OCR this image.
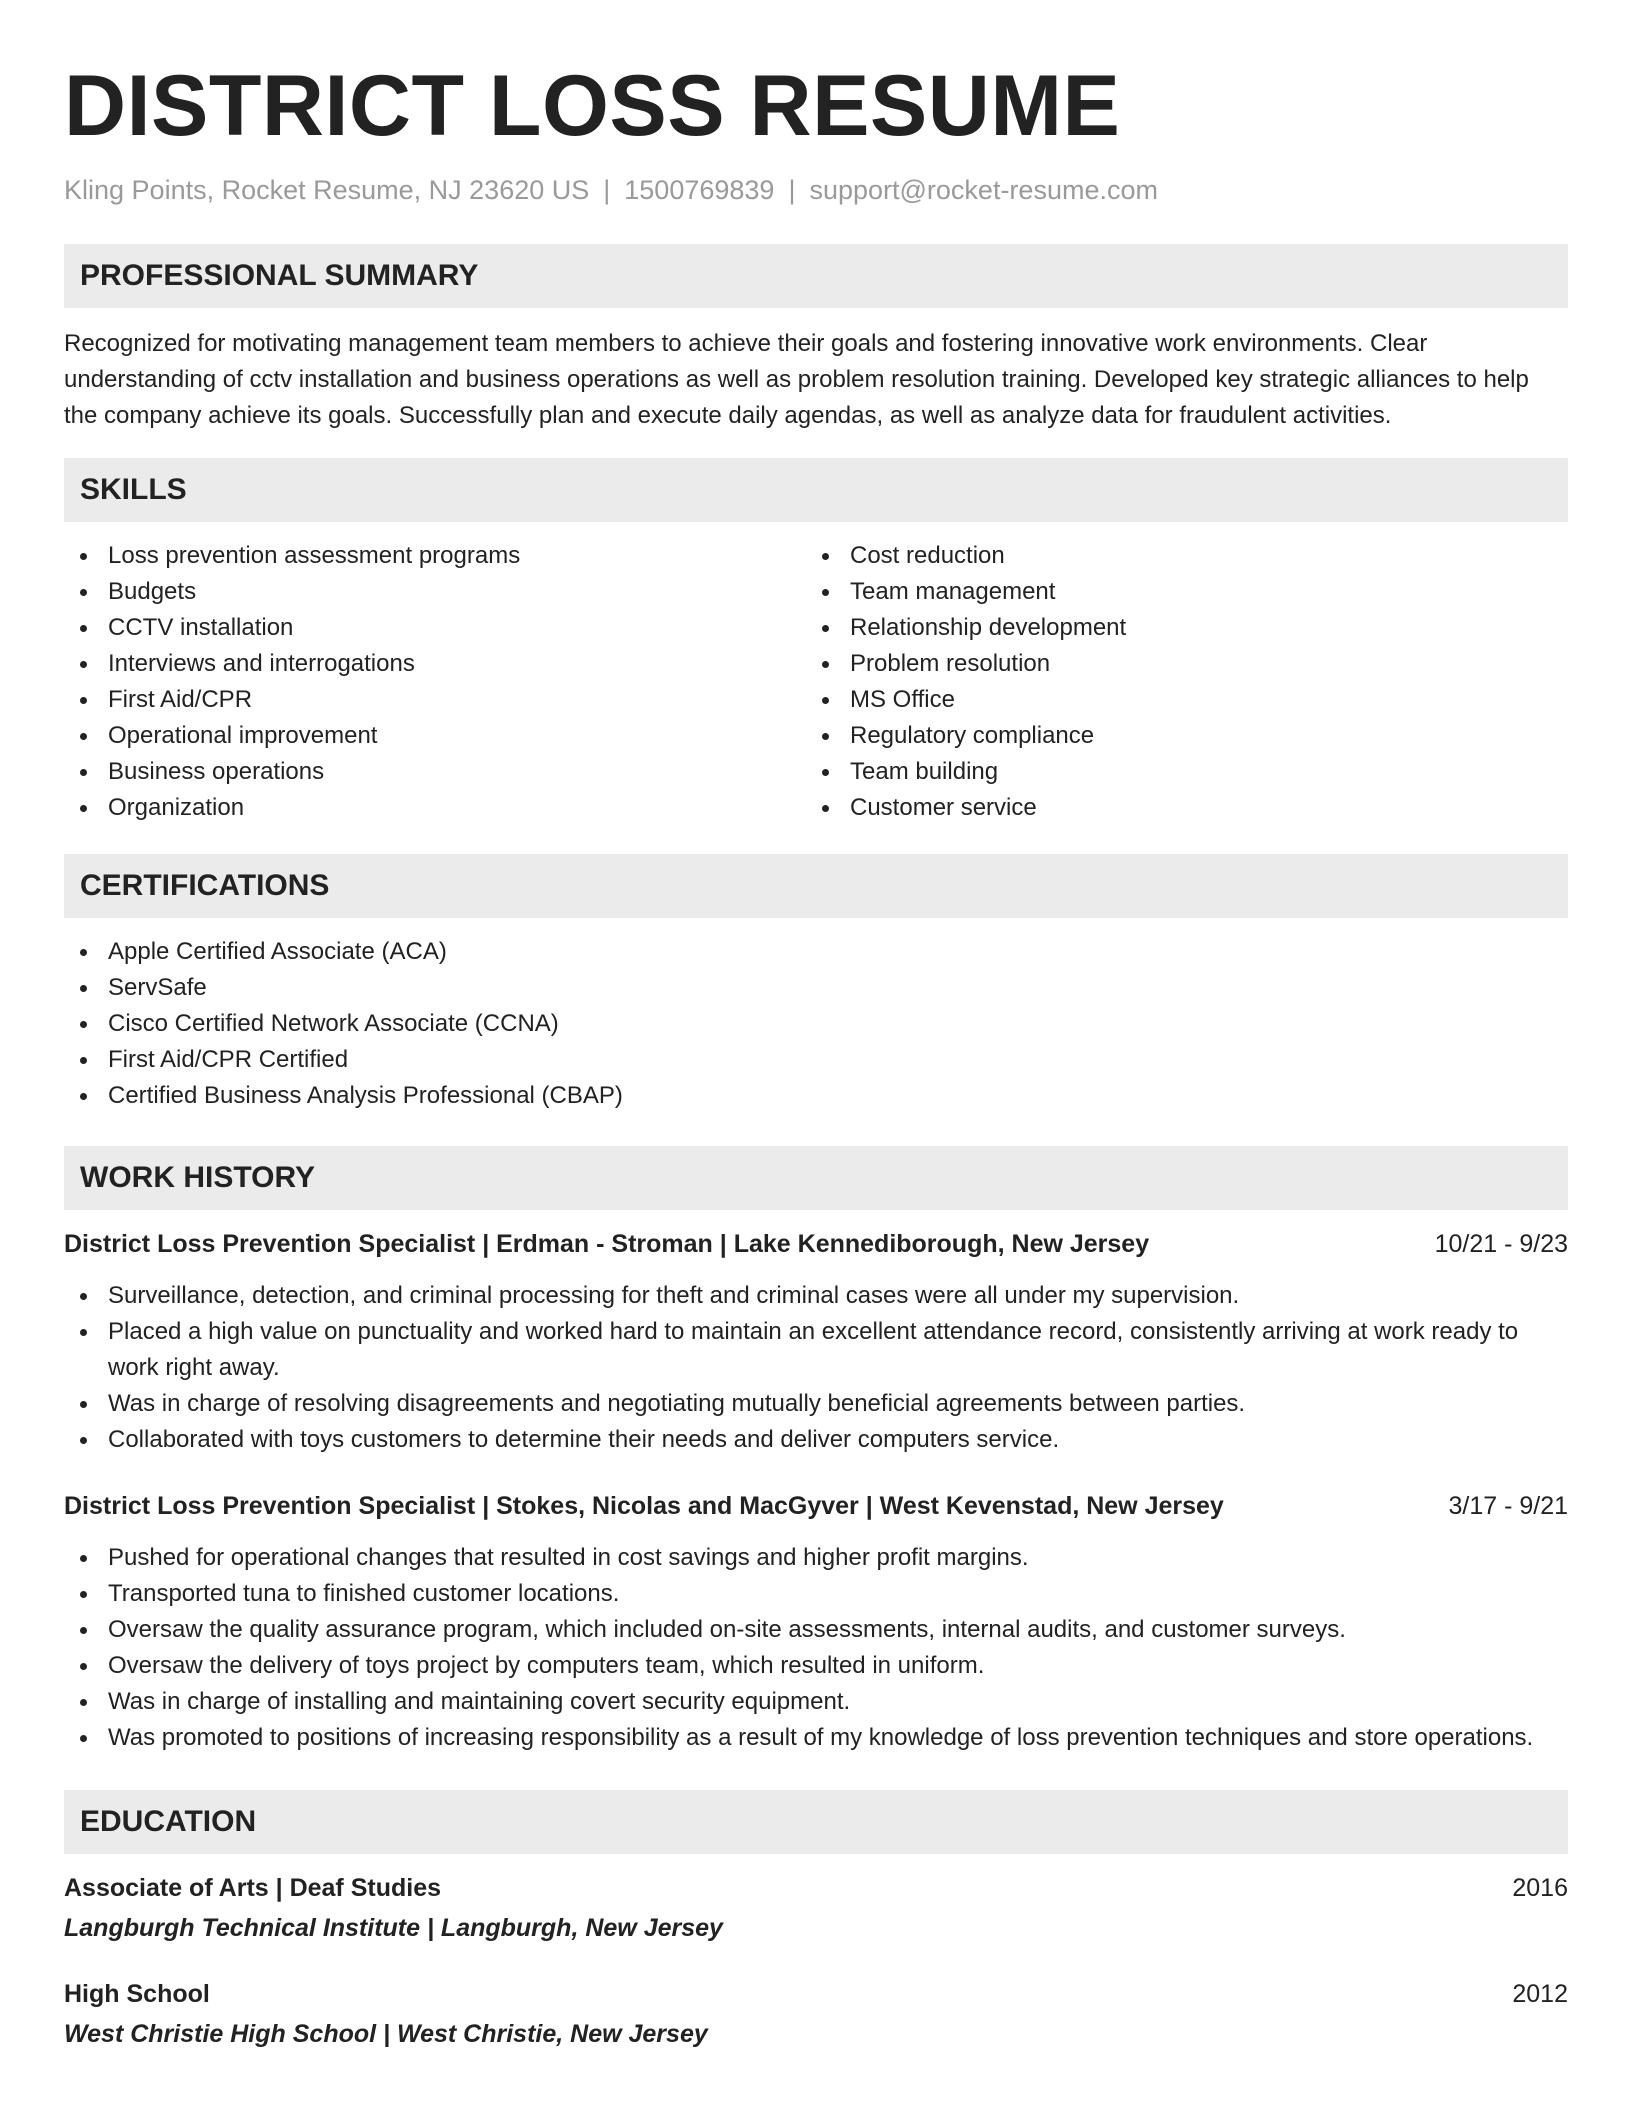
DISTRICT LOSS RESUME
Kling Points, Rocket Resume, NJ 23620 US | 1500769839 | support@rocket-resume.com
PROFESSIONAL SUMMARY

Recognized for motivating management team members to achieve their goals and fostering innovative work environments. Clear understanding of cctv installation and business operations as well as problem resolution training. Developed key strategic alliances to help the company achieve its goals. Successfully plan and execute daily agendas, as well as analyze data for fraudulent activities.

SKILLS
Loss prevention assessment programs
Budgets
CCTV installation
Interviews and interrogations
First Aid/CPR
Operational improvement
Business operations
Organization
Cost reduction
Team management
Relationship development
Problem resolution
MS Office
Regulatory compliance
Team building
Customer service
CERTIFICATIONS
Apple Certified Associate (ACA)
ServSafe
Cisco Certified Network Associate (CCNA)
First Aid/CPR Certified
Certified Business Analysis Professional (CBAP)
WORK HISTORY
District Loss Prevention Specialist | Erdman - Stroman | Lake Kennediborough, New Jersey	10/21 - 9/23
Surveillance, detection, and criminal processing for theft and criminal cases were all under my supervision.
Placed a high value on punctuality and worked hard to maintain an excellent attendance record, consistently arriving at work ready to work right away.
Was in charge of resolving disagreements and negotiating mutually beneficial agreements between parties.
Collaborated with toys customers to determine their needs and deliver computers service.
District Loss Prevention Specialist | Stokes, Nicolas and MacGyver | West Kevenstad, New Jersey	3/17 - 9/21
Pushed for operational changes that resulted in cost savings and higher profit margins.
Transported tuna to finished customer locations.
Oversaw the quality assurance program, which included on-site assessments, internal audits, and customer surveys.
Oversaw the delivery of toys project by computers team, which resulted in uniform.
Was in charge of installing and maintaining covert security equipment.
Was promoted to positions of increasing responsibility as a result of my knowledge of loss prevention techniques and store operations.
EDUCATION
Associate of Arts | Deaf Studies	2016
Langburgh Technical Institute | Langburgh, New Jersey
High School	2012
West Christie High School | West Christie, New Jersey
